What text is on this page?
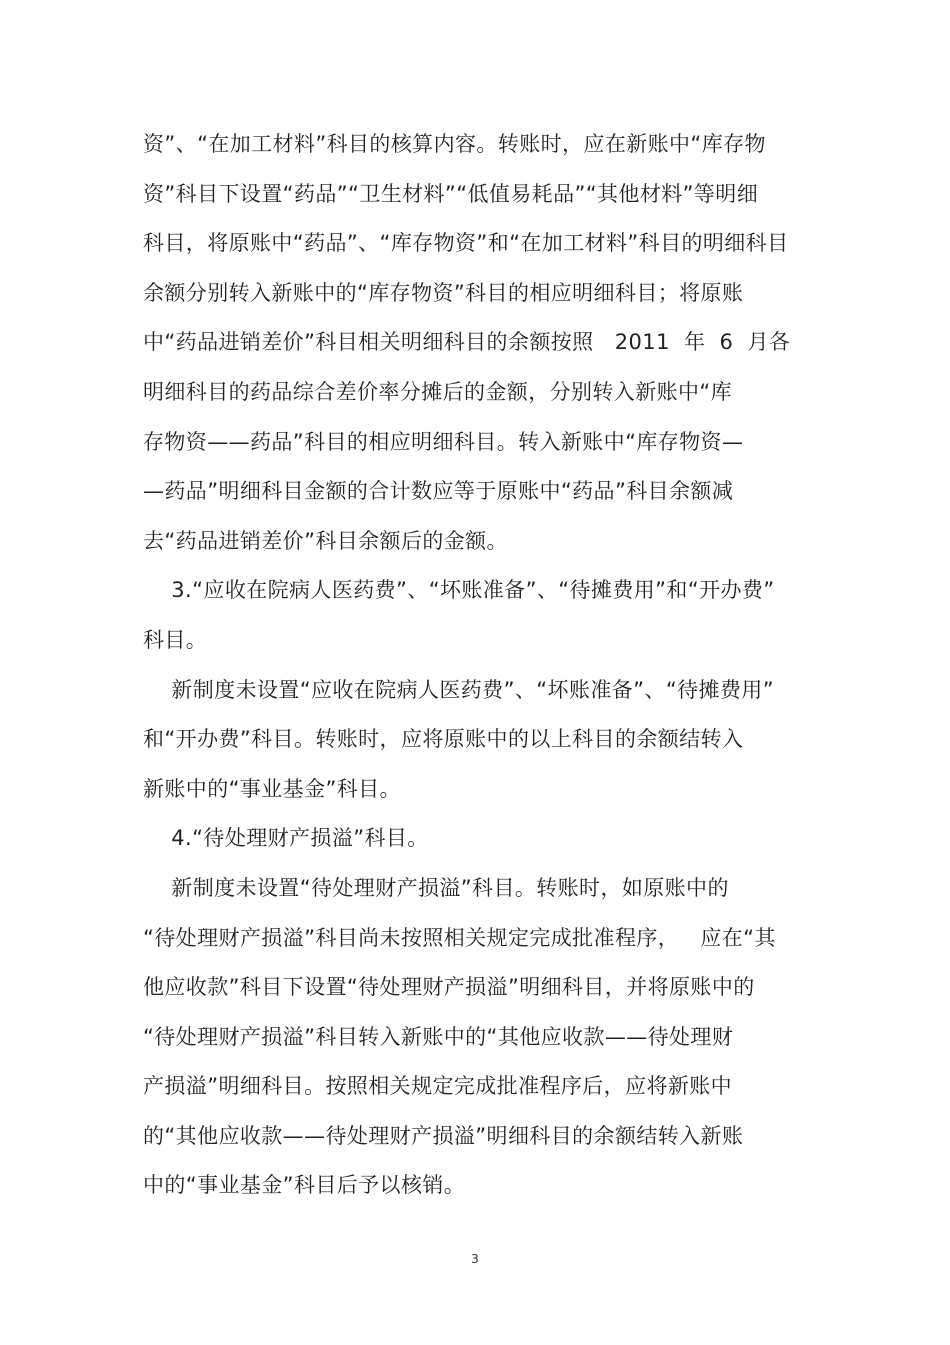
资”、“在加工材料”科目的核算内容。转账时，应在新账中“库存物
资”科目下设置“药品”“卫生材料”“低值易耗品”“其他材料”等明细
科目，将原账中“药品”、“库存物资”和“在加工材料”科目的明细科目
余额分别转入新账中的“库存物资”科目的相应明细科目；将原账
中“药品进销差价”科目相关明细科目的余额按照   2011  年  6  月各
明细科目的药品综合差价率分摊后的金额，分别转入新账中“库
存物资——药品”科目的相应明细科目。转入新账中“库存物资—
—药品”明细科目金额的合计数应等于原账中“药品”科目余额减
去“药品进销差价”科目余额后的金额。
3.“应收在院病人医药费”、“坏账准备”、“待摊费用”和“开办费”
科目。
新制度未设置“应收在院病人医药费”、“坏账准备”、“待摊费用”
和“开办费”科目。转账时，应将原账中的以上科目的余额结转入
新账中的“事业基金”科目。
4.“待处理财产损溢”科目。
新制度未设置“待处理财产损溢”科目。转账时，如原账中的
“待处理财产损溢”科目尚未按照相关规定完成批准程序，   应在“其
他应收款”科目下设置“待处理财产损溢”明细科目，并将原账中的
“待处理财产损溢”科目转入新账中的“其他应收款——待处理财
产损溢”明细科目。按照相关规定完成批准程序后，应将新账中
的“其他应收款——待处理财产损溢”明细科目的余额结转入新账
中的“事业基金”科目后予以核销。
3
